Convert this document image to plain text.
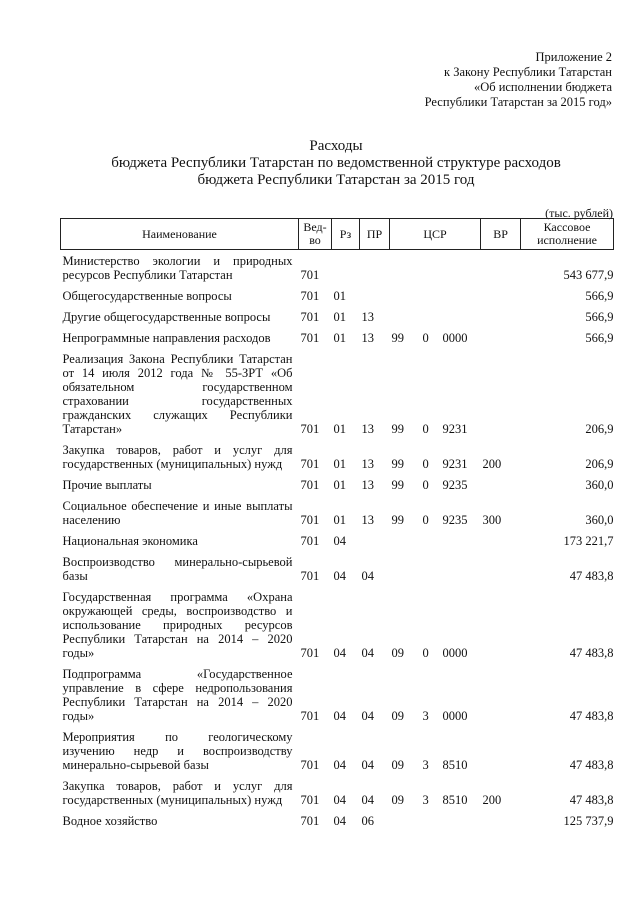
Приложение 2
к Закону Республики Татарстан
«Об исполнении бюджета
Республики Татарстан за 2015 год»
Расходы
бюджета Республики Татарстан по ведомственной структуре расходов
бюджета Республики Татарстан за 2015 год
(тыс. рублей)
Наименование	Вед-во	Рз	ПР	ЦСР			ВР	Кассовое исполнение
Министерство экологии и природных ресурсов Республики Татарстан	701							543 677,9
Общегосударственные вопросы	701	01						566,9
Другие общегосударственные вопросы	701	01	13					566,9
Непрограммные направления расходов	701	01	13	99	0	0000		566,9
Реализация Закона Республики Татарстан от 14 июля 2012 года № 55-ЗРТ «Об обязательном государственном страховании государственных гражданских служащих Республики Татарстан»	701	01	13	99	0	9231		206,9
Закупка товаров, работ и услуг для государственных (муниципальных) нужд	701	01	13	99	0	9231	200	206,9
Прочие выплаты	701	01	13	99	0	9235		360,0
Социальное обеспечение и иные выплаты населению	701	01	13	99	0	9235	300	360,0
Национальная экономика	701	04						173 221,7
Воспроизводство минерально-сырьевой базы	701	04	04					47 483,8
Государственная программа «Охрана окружающей среды, воспроизводство и использование природных ресурсов Республики Татарстан на 2014 – 2020 годы»	701	04	04	09	0	0000		47 483,8
Подпрограмма «Государственное управление в сфере недропользования Республики Татарстан на 2014 – 2020 годы»	701	04	04	09	3	0000		47 483,8
Мероприятия по геологическому изучению недр и воспроизводству минерально-сырьевой базы	701	04	04	09	3	8510		47 483,8
Закупка товаров, работ и услуг для государственных (муниципальных) нужд	701	04	04	09	3	8510	200	47 483,8
Водное хозяйство	701	04	06					125 737,9
